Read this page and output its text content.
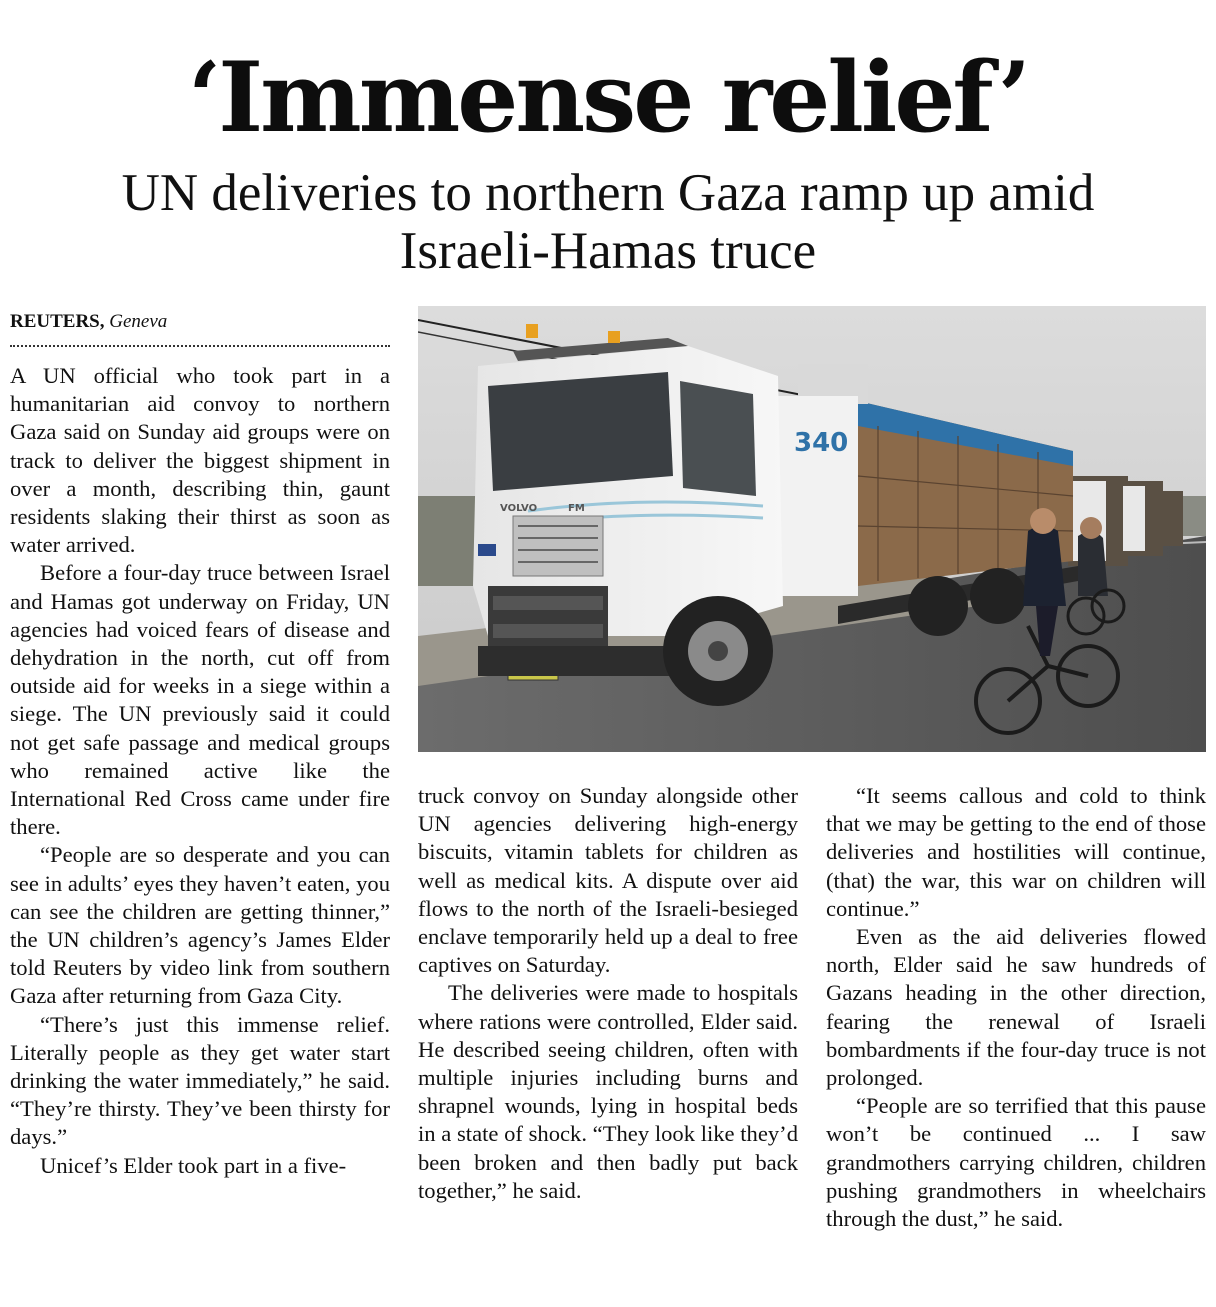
‘Immense relief’
UN deliveries to northern Gaza ramp up amid
Israeli-Hamas truce
REUTERS, Geneva

A UN official who took part in a humanitarian aid convoy to northern Gaza said on Sunday aid groups were on track to deliver the biggest shipment in over a month, describing thin, gaunt residents slaking their thirst as soon as water arrived.

Before a four-day truce between Israel and Hamas got underway on Friday, UN agencies had voiced fears of disease and dehydration in the north, cut off from outside aid for weeks in a siege within a siege. The UN previously said it could not get safe passage and medical groups who remained active like the International Red Cross came under fire there.

“People are so desperate and you can see in adults’ eyes they haven’t eaten, you can see the children are getting thinner,” the UN children’s agency’s James Elder told Reuters by video link from southern Gaza after returning from Gaza City.

“There’s just this immense relief. Literally people as they get water start drinking the water immediately,” he said. “They’re thirsty. They’ve been thirsty for days.”

Unicef’s Elder took part in a five-

340
VOLVO	FM

truck convoy on Sunday alongside other UN agencies delivering high-energy biscuits, vitamin tablets for children as well as medical kits. A dispute over aid flows to the north of the Israeli-besieged enclave temporarily held up a deal to free captives on Saturday.

The deliveries were made to hospitals where rations were controlled, Elder said. He described seeing children, often with multiple injuries including burns and shrapnel wounds, lying in hospital beds in a state of shock. “They look like they’d been broken and then badly put back together,” he said.

“It seems callous and cold to think that we may be getting to the end of those deliveries and hostilities will continue, (that) the war, this war on children will continue.”

Even as the aid deliveries flowed north, Elder said he saw hundreds of Gazans heading in the other direction, fearing the renewal of Israeli bombardments if the four-day truce is not prolonged.

“People are so terrified that this pause won’t be continued ... I saw grandmothers carrying children, children pushing grandmothers in wheelchairs through the dust,” he said.
